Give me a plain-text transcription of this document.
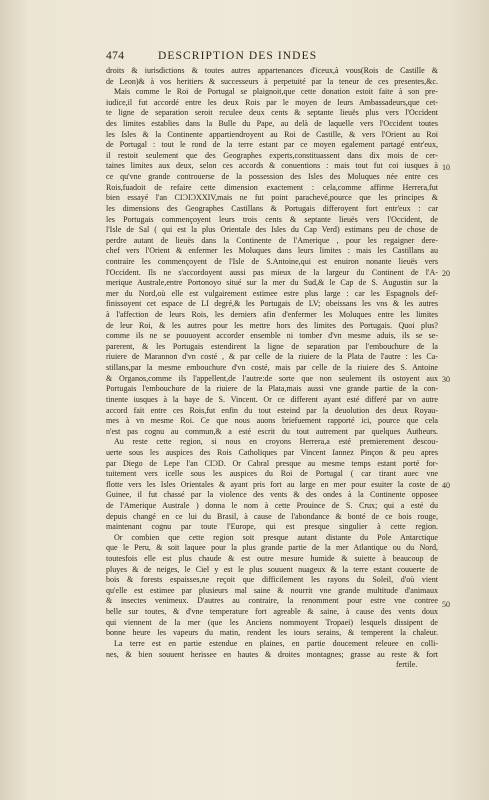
474	DESCRIPTION DES INDES
droits & iurisdictions & toutes autres appartenances d'iceux,à vous(Rois de Castille &
de Leon)& à vos heritiers & successeurs à perpetuité par la teneur de ces presentes,&c.
Mais comme le Roi de Portugal se plaignoit,que cette donation estoit faite à son pre-
iudice,il fut accordé entre les deux Rois par le moyen de leurs Ambassadeurs,que cet-
te ligne de separation seroit reculee deux cents & septante lieuës plus vers l'Occident
des limites establies dans la Bulle du Pape, au delà de laquelle vers l'Occident toutes
les Isles & la Continente appartiendroyent au Roi de Castille, & vers l'Orient au Roi
de Portugal : tout le rond de la terre estant par ce moyen egalement partagé entr'eux,
il restoit seulement que des Geographes experts,constituassent dans dix mois de cer-
taines limites aux deux, selon ces accords & conuentions : mais tout fut coi iusques à
ce qu'vne grande controuerse de la possession des Isles des Moluques née entre ces
Rois,fuadoit de refaire cette dimension exactement : cela,comme affirme Herrera,fut
bien essayé l'an CIƆIƆXXIV,mais ne fut point parachevé,pource que les principes &
les dimensions des Geographes Castillans & Portugais differoyent fort entr'eux : car
les Portugais commençoyent leurs trois cents & septante lieuës vers l'Occident, de
l'Isle de Sal ( qui est la plus Orientale des Isles du Cap Verd) estimans peu de chose de
perdre autant de lieuës dans la Continente de l'Amerique , pour les regaigner dere-
chef vers l'Orient & enfermer les Moluques dans leurs limites : mais les Castillans au
contraire les commençoyent de l'Isle de S.Antoine,qui est enuiron nonante lieuës vers
l'Occident. Ils ne s'accordoyent aussi pas mieux de la largeur du Continent de l'A-
merique Australe,entre Portonoyo situé sur la mer du Sud,& le Cap de S. Augustin sur la
mer du Nord,où elle est vulgairement estimee estre plus large : car les Espagnols def-
finissoyent cet espace de LI degré,& les Portugais de LV; obeissans les vns & les autres
à l'affection de leurs Rois, les derniers afin d'enfermer les Moluques entre les limites
de leur Roi, & les autres pour les mettre hors des limites des Portugais. Quoi plus?
comme ils ne se pouuoyent accorder ensemble ni tomber d'vn mesme aduis, ils se se-
parerent, & les Portugais estendirent la ligne de separation par l'embouchure de la
riuiere de Marannon d'vn costé , & par celle de la riuiere de la Plata de l'autre : les Ca-
stillans,par la mesme embouchure d'vn costé, mais par celle de la riuiere des S. Antoine
& Organos,comme ils l'appellent,de l'autre:de sorte que non seulement ils ostoyent aux
Portugais l'embouchure de la riuiere de la Plata,mais aussi vne grande partie de la con-
tinente iusques à la baye de S. Vincent. Or ce different ayant esté differé par vn autre
accord fait entre ces Rois,fut enfin du tout esteind par la deuolution des deux Royau-
mes à vn mesme Roi. Ce que nous auons briefuement rapporté ici, pource que cela
n'est pas cognu au commun,& a esté escrit du tout autrement par quelques Autheurs.
Au reste cette region, si nous en croyons Herrera,a esté premierement descou-
uerte sous les auspices des Rois Catholiques par Vincent Iannez Pinçon & peu apres
par Diego de Lepe l'an CIƆD. Or Cabral presque au mesme temps estant porté for-
tuitement vers icelle sous les auspices du Roi de Portugal ( car tirant auec vne
flotte vers les Isles Orientales & ayant pris fort au large en mer pour esuiter la coste de
Guinee, il fut chassé par la violence des vents & des ondes à la Continente opposee
de l'Amerique Australe ) donna le nom à cette Prouince de S. Crux; qui a esté du
depuis changé en ce lui du Brasil, à cause de l'abondance & bonté de ce bois rouge,
maintenant cognu par toute l'Europe, qui est presque singulier à cette region.
Or combien que cette region soit presque autant distante du Pole Antarctique
que le Peru, & soit laquee pour la plus grande partie de la mer Atlantique ou du Nord,
toutesfois elle est plus chaude & est outre mesure humide & suiette à beaucoup de
pluyes & de neiges, le Ciel y est le plus souuent nuageux & la terre estant couuerte de
bois & forests espaisses,ne reçoit que difficilement les rayons du Soleil, d'où vient
qu'elle est estimee par plusieurs mal saine & nourrit vne grande multitude d'animaux
& insectes venimeux. D'autres au contraire, la renomment pour estre vne contree
belle sur toutes, & d'vne temperature fort agreable & saine, à cause des vents doux
qui viennent de la mer (que les Anciens nommoyent Tropaei) lesquels dissipent de
bonne heure les vapeurs du matin, rendent les iours serains, & temperent la chaleur.
La terre est en partie estendue en plaines, en partie doucement releuee en colli-
nes, & bien souuent herissee en hautes & droites montagnes; grasse au reste & fort
fertile.
10
20
30
40
50
